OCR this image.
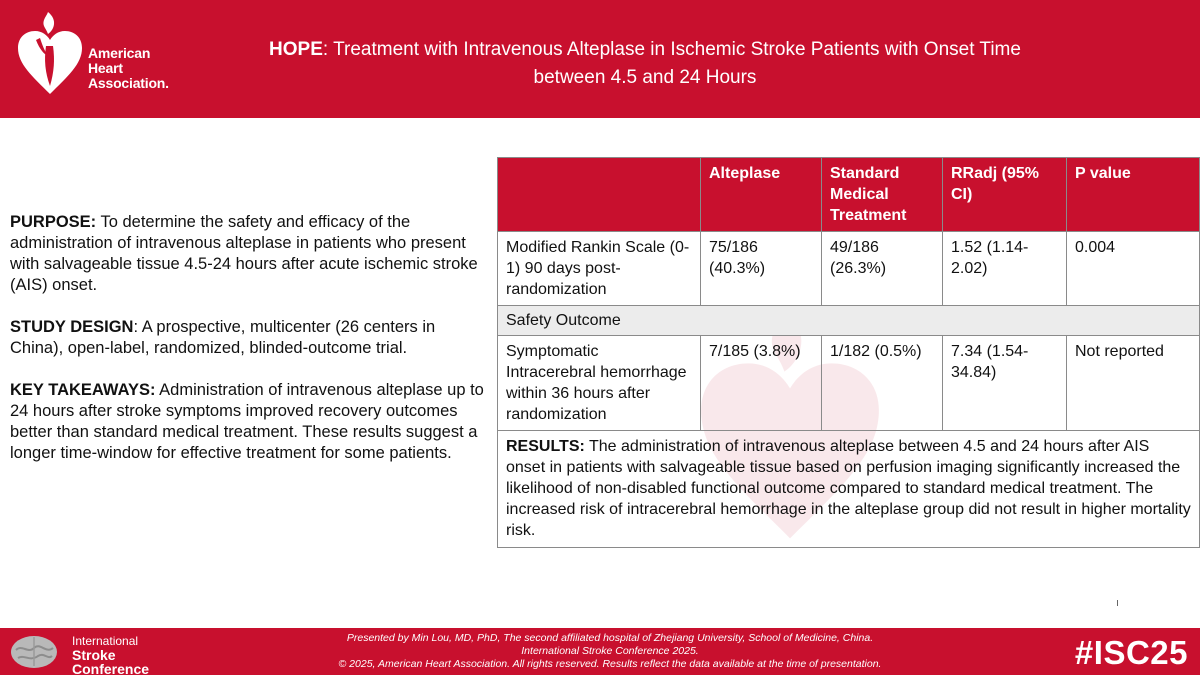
American
Heart
Association.
HOPE: Treatment with Intravenous Alteplase in Ischemic Stroke Patients with Onset Time
between 4.5 and 24 Hours

PURPOSE: To determine the safety and efficacy of the administration of intravenous alteplase in patients who present with salvageable tissue 4.5-24 hours after acute ischemic stroke (AIS) onset.

STUDY DESIGN: A prospective, multicenter (26 centers in China), open-label, randomized, blinded-outcome trial.

KEY TAKEAWAYS: Administration of intravenous alteplase up to 24 hours after stroke symptoms improved recovery outcomes better than standard medical treatment. These results suggest a longer time-window for effective treatment for some patients.

	Alteplase	Standard Medical Treatment	RRadj (95% CI)	P value
Modified Rankin Scale (0-1) 90 days post-randomization	75/186 (40.3%)	49/186 (26.3%)	1.52 (1.14-2.02)	0.004
Safety Outcome				
Symptomatic Intracerebral hemorrhage within 36 hours after randomization	7/185 (3.8%)	1/182 (0.5%)	7.34 (1.54-34.84)	Not reported
RESULTS: The administration of intravenous alteplase between 4.5 and 24 hours after AIS onset in patients with salvageable tissue based on perfusion imaging significantly increased the likelihood of non-disabled functional outcome compared to standard medical treatment. The increased risk of intracerebral hemorrhage in the alteplase group did not result in higher mortality risk.				
International
Stroke
Conference
Presented by Min Lou, MD, PhD, The second affiliated hospital of Zhejiang University, School of Medicine, China.
International Stroke Conference 2025.
© 2025, American Heart Association. All rights reserved. Results reflect the data available at the time of presentation.	#ISC25
